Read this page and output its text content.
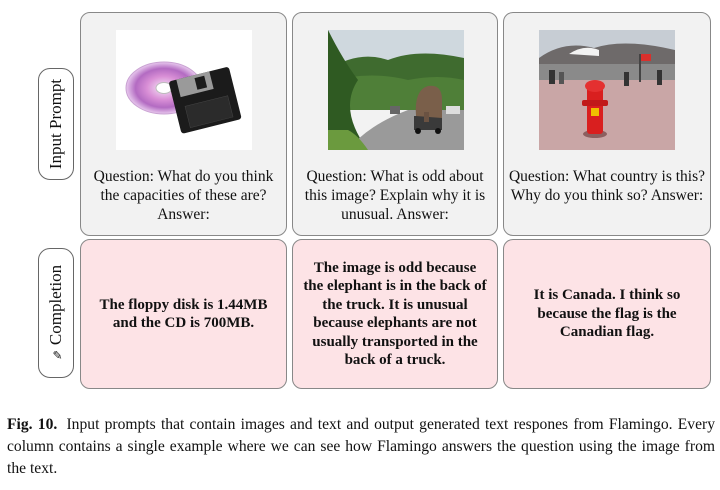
Input Prompt
✎Completion
Question: What do you think the capacities of these are? Answer:
Question: What is odd about this image? Explain why it is unusual. Answer:
Question: What country is this? Why do you think so? Answer:
The floppy disk is 1.44MB and the CD is 700MB.
The image is odd because the elephant is in the back of the truck. It is unusual because elephants are not usually transported in the back of a truck.
It is Canada. I think so because the flag is the Canadian flag.
Fig. 10. Input prompts that contain images and text and output generated text respones from Flamingo. Every column contains a single example where we can see how Flamingo answers the question using the image from the text.
